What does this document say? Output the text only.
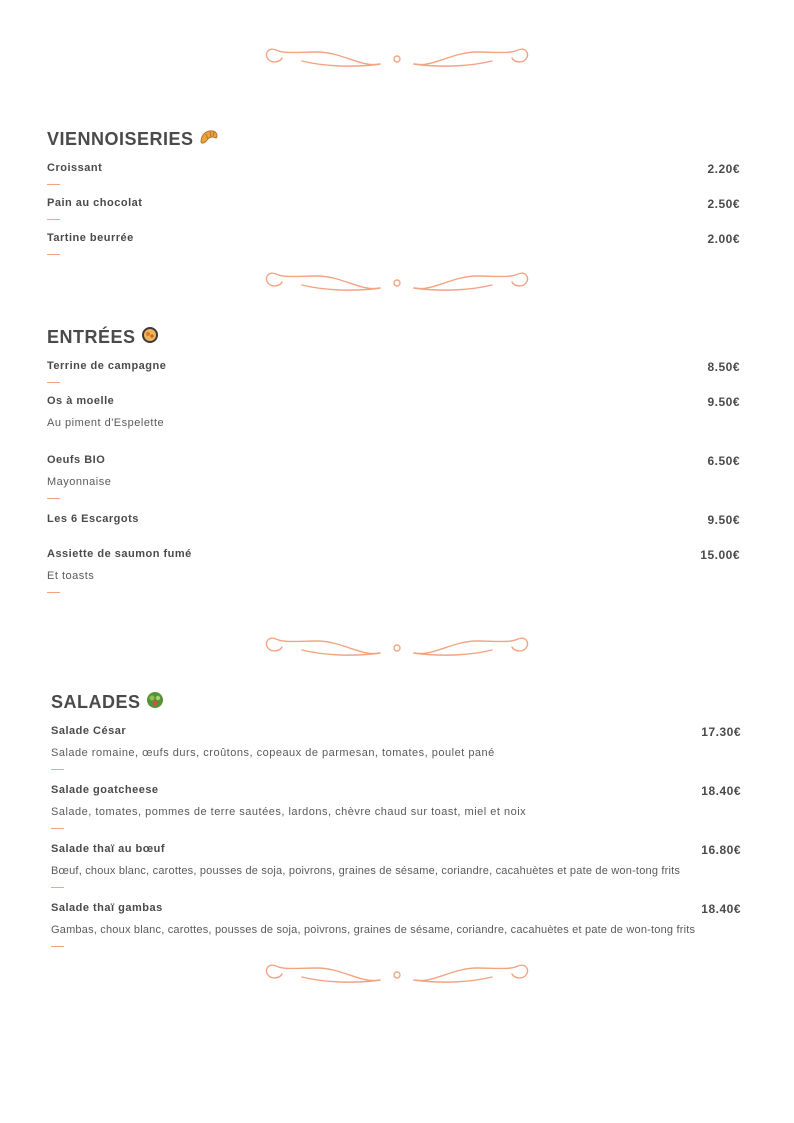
VIENNOISERIES
Croissant	2.20€
Pain au chocolat	2.50€
Tartine beurrée	2.00€
ENTRÉES
Terrine de campagne	8.50€
Os à moelle	9.50€
Au piment d'Espelette
Oeufs BIO	6.50€
Mayonnaise
Les 6 Escargots	9.50€
Assiette de saumon fumé	15.00€
Et toasts
SALADES
Salade César	17.30€
Salade romaine, œufs durs, croûtons, copeaux de parmesan, tomates, poulet pané
Salade goatcheese	18.40€
Salade, tomates, pommes de terre sautées, lardons, chèvre chaud sur toast, miel et noix
Salade thaï au bœuf	16.80€
Bœuf, choux blanc, carottes, pousses de soja, poivrons, graines de sésame, coriandre, cacahuètes et pate de won-tong frits
Salade thaï gambas	18.40€
Gambas, choux blanc, carottes, pousses de soja, poivrons, graines de sésame, coriandre, cacahuètes et pate de won-tong frits
